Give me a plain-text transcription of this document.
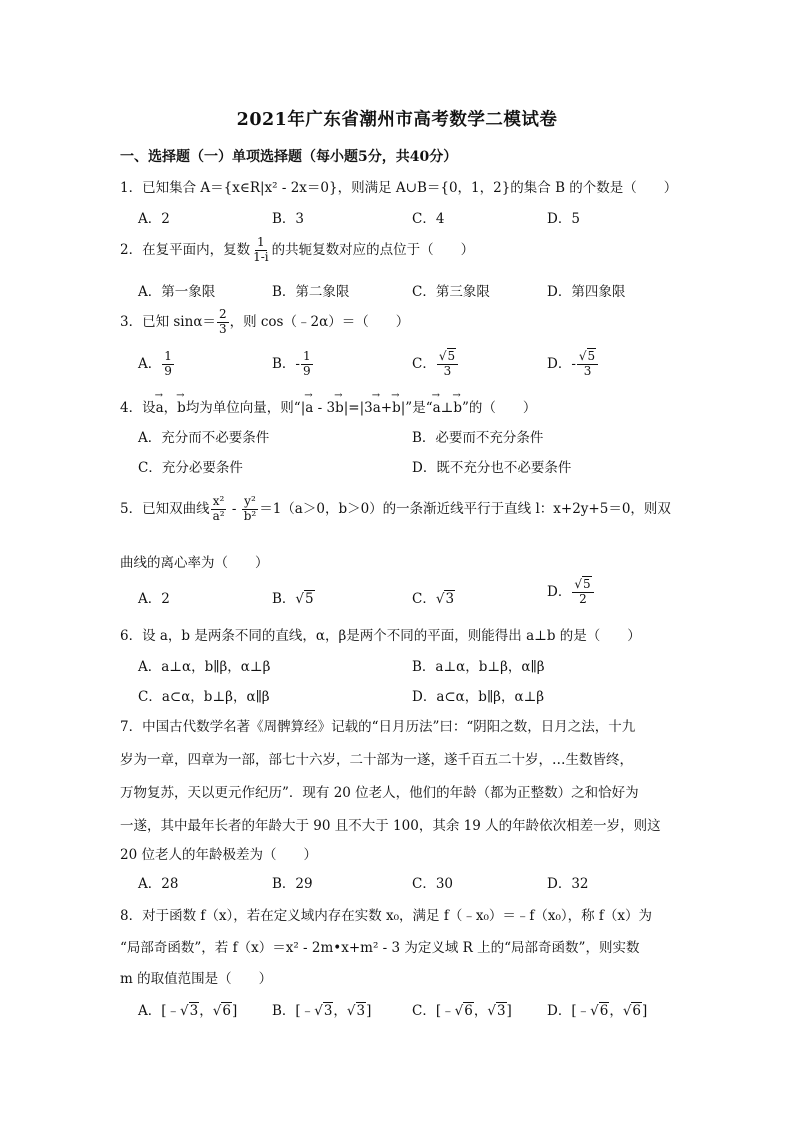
2021年广东省潮州市高考数学二模试卷
一、选择题（一）单项选择题（每小题5分，共40分）
1．已知集合 A＝{x∈R|x² - 2x＝0}，则满足 A∪B＝{0，1，2}的集合 B 的个数是（　　）
A．2	B．3	C．4	D．5
2．在复平面内，复数 $\frac{1}{1-i}$ 的共轭复数对应的点位于（　　）
A．第一象限	B．第二象限	C．第三象限	D．第四象限
3．已知 $\sin\alpha= \frac{2}{3}$ ，则 cos（﹣2α）＝（　　）
A． $\frac{1}{9}$	B．- $\frac{1}{9}$	C． $\frac{√5}{3}$	D．- $\frac{√5}{3}$
4．设→ a，→ b均为单位向量，则“|→ a - 3→ b|=|3→ a+→ b|”是“→ a⊥→ b”的（　　）
A．充分而不必要条件	B．必要而不充分条件
C．充分必要条件	D．既不充分也不必要条件
5．已知双曲线 $\frac{\text{x²}}{\text{a²}} - \frac{\text{y²}}{\text{b²}} =1(a>0$，b＞0）的一条渐近线平行于直线 l：x+2y+5＝0，则双
曲线的离心率为（　　）
A．2	B．√5	C．√3	D． $\frac{√5}{2}$
6．设 a，b 是两条不同的直线，α，β是两个不同的平面，则能得出 a⊥b 的是（　　）
A．a⊥α，b∥β，α⊥β	B．a⊥α，b⊥β，α∥β
C．a⊂α，b⊥β，α∥β	D．a⊂α，b∥β，α⊥β
7．中国古代数学名著《周髀算经》记载的“日月历法”曰：“阴阳之数，日月之法，十九
岁为一章，四章为一部，部七十六岁，二十部为一遂，遂千百五二十岁，…生数皆终，
万物复苏，天以更元作纪历”．现有 20 位老人，他们的年龄（都为正整数）之和恰好为
一遂，其中最年长者的年龄大于 90 且不大于 100，其余 19 人的年龄依次相差一岁，则这
20 位老人的年龄极差为（　　）
A．28	B．29	C．30	D．32
8．对于函数 f（x），若在定义域内存在实数 x₀，满足 f（﹣x₀）＝﹣f（x₀），称 f（x）为
“局部奇函数”，若 f（x）＝x² - 2m•x+m² - 3 为定义域 R 上的“局部奇函数”，则实数
m 的取值范围是（　　）
A．[﹣√3，√6]	B．[﹣√3，√3]	C．[﹣√6，√3]	D．[﹣√6，√6]
